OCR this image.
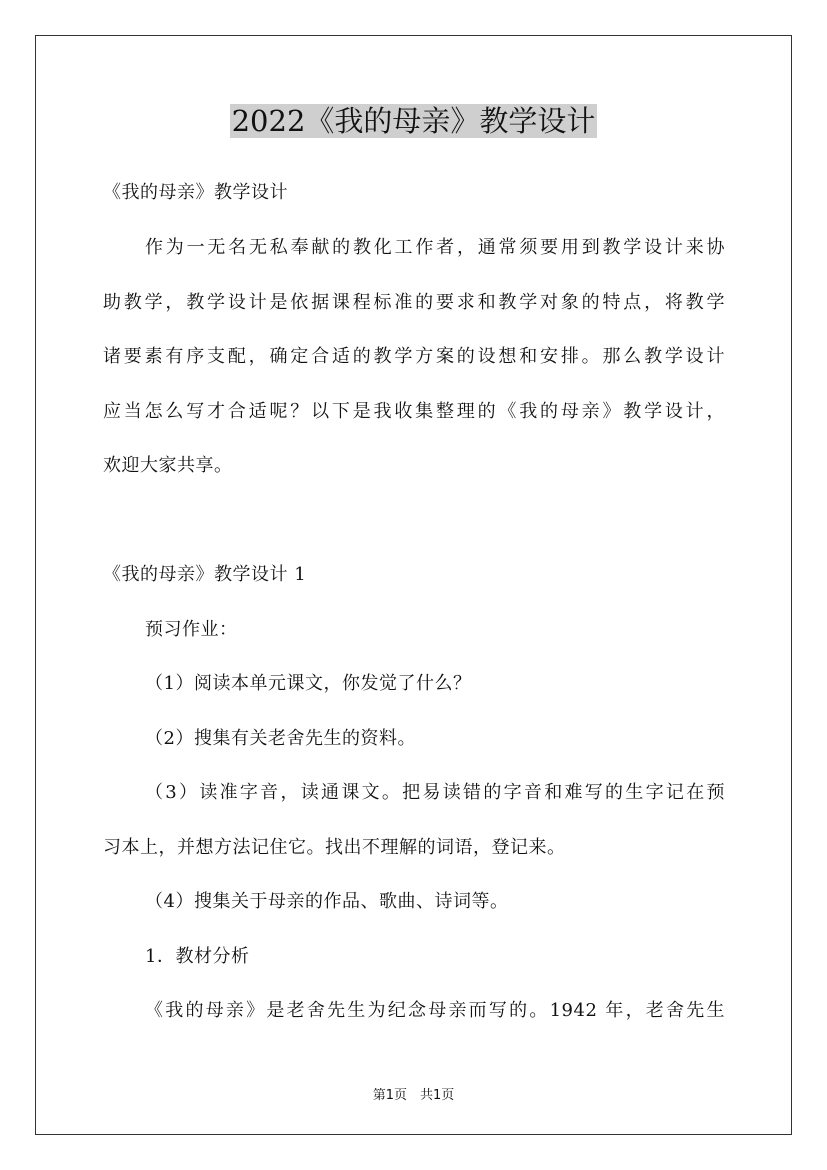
2022《我的母亲》教学设计
《我的母亲》教学设计
作为一无名无私奉献的教化工作者，通常须要用到教学设计来协
助教学，教学设计是依据课程标准的要求和教学对象的特点，将教学
诸要素有序支配，确定合适的教学方案的设想和安排。那么教学设计
应当怎么写才合适呢？以下是我收集整理的《我的母亲》教学设计，
欢迎大家共享。
《我的母亲》教学设计 1
预习作业：
（1）阅读本单元课文，你发觉了什么？
（2）搜集有关老舍先生的资料。
（3）读准字音，读通课文。把易读错的字音和难写的生字记在预
习本上，并想方法记住它。找出不理解的词语，登记来。
（4）搜集关于母亲的作品、歌曲、诗词等。
1．教材分析
《我的母亲》是老舍先生为纪念母亲而写的。1942 年，老舍先生
第1页　共1页
